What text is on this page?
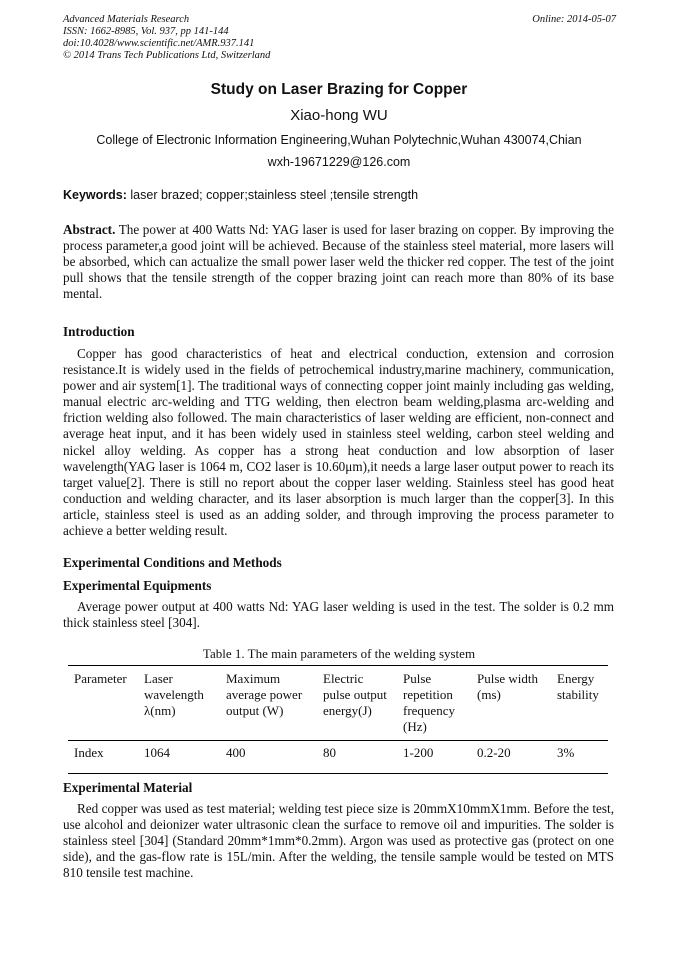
Advanced Materials Research
ISSN: 1662-8985, Vol. 937, pp 141-144
doi:10.4028/www.scientific.net/AMR.937.141
© 2014 Trans Tech Publications Ltd, Switzerland
Online: 2014-05-07
Study on Laser Brazing for Copper
Xiao-hong WU
College of Electronic Information Engineering,Wuhan Polytechnic,Wuhan 430074,Chian
wxh-19671229@126.com
Keywords: laser brazed; copper;stainless steel ;tensile strength

Abstract. The power at 400 Watts Nd: YAG laser is used for laser brazing on copper. By improving the process parameter,a good joint will be achieved. Because of the stainless steel material, more lasers will be absorbed, which can actualize the small power laser weld the thicker red copper. The test of the joint pull shows that the tensile strength of the copper brazing joint can reach more than 80% of its base mental.

Introduction

Copper has good characteristics of heat and electrical conduction, extension and corrosion resistance.It is widely used in the fields of petrochemical industry,marine machinery, communication, power and air system[1]. The traditional ways of connecting copper joint mainly including gas welding, manual electric arc-welding and TTG welding, then electron beam welding,plasma arc-welding and friction welding also followed. The main characteristics of laser welding are efficient, non-connect and average heat input, and it has been widely used in stainless steel welding, carbon steel welding and nickel alloy welding. As copper has a strong heat conduction and low absorption of laser wavelength(YAG laser is 1064 m, CO2 laser is 10.60μm),it needs a large laser output power to reach its target value[2]. There is still no report about the copper laser welding. Stainless steel has good heat conduction and welding character, and its laser absorption is much larger than the copper[3]. In this article, stainless steel is used as an adding solder, and through improving the process parameter to achieve a better welding result.

Experimental Conditions and Methods
Experimental Equipments

Average power output at 400 watts Nd: YAG laser welding is used in the test. The solder is 0.2 mm thick stainless steel [304].

Table 1. The main parameters of the welding system
Parameter	Laser wavelength λ(nm)	Maximum average power output (W)	Electric pulse output energy(J)	Pulse repetition frequency (Hz)	Pulse width (ms)	Energy stability
Index	1064	400	80	1-200	0.2-20	3%
Experimental Material

Red copper was used as test material; welding test piece size is 20mmX10mmX1mm. Before the test, use alcohol and deionizer water ultrasonic clean the surface to remove oil and impurities. The solder is stainless steel [304] (Standard 20mm*1mm*0.2mm). Argon was used as protective gas (protect on one side), and the gas-flow rate is 15L/min. After the welding, the tensile sample would be tested on MTS 810 tensile test machine.
